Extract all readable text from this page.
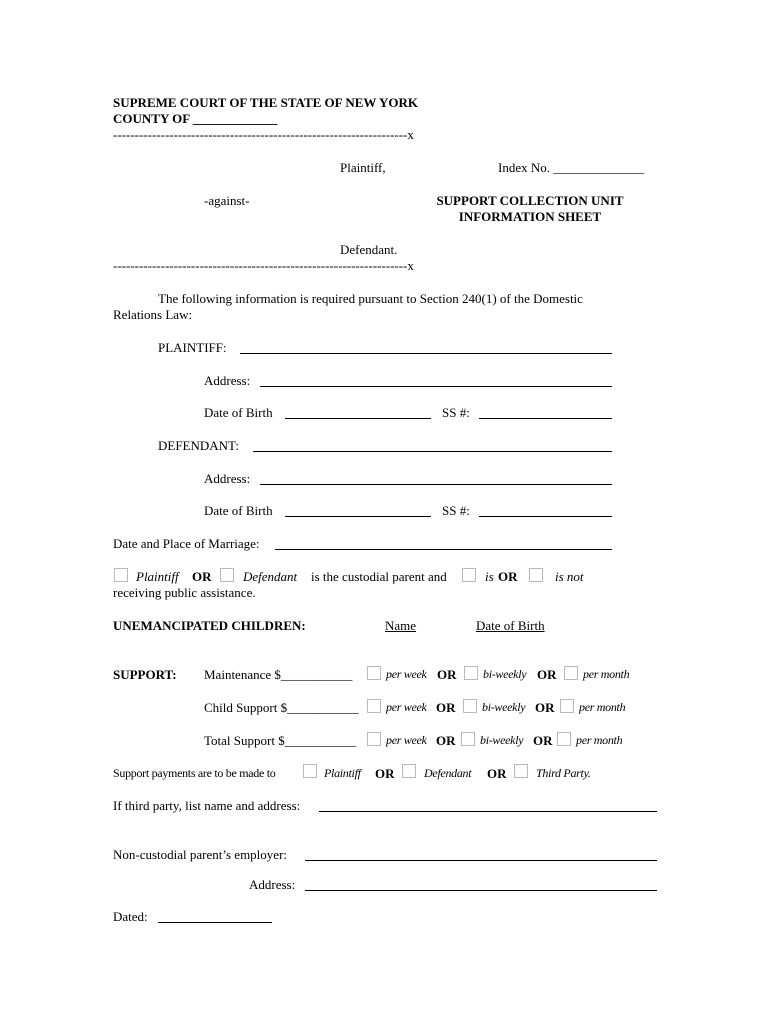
SUPREME COURT OF THE STATE OF NEW YORK
COUNTY OF _____________
--------------------------------------------------------------------x
Plaintiff,	Index No. ______________
-against-	SUPPORT COLLECTION UNIT
INFORMATION SHEET
Defendant.
--------------------------------------------------------------------x
The following information is required pursuant to Section 240(1) of the Domestic
Relations Law:
PLAINTIFF:
Address:
Date of Birth	SS #:
DEFENDANT:
Address:
Date of Birth	SS #:
Date and Place of Marriage:
Plaintiff OR Defendant is the custodial parent and	is OR	is not
receiving public assistance.
UNEMANCIPATED CHILDREN:	Name	Date of Birth
SUPPORT: Maintenance $___________	per week OR bi-weekly OR per month
Child Support $___________ per week OR bi-weekly OR per month
Total Support $___________ per week OR bi-weekly OR per month
Support payments are to be made to	Plaintiff OR Defendant OR Third Party.
If third party, list name and address:
Non-custodial parent’s employer:
Address:
Dated:
